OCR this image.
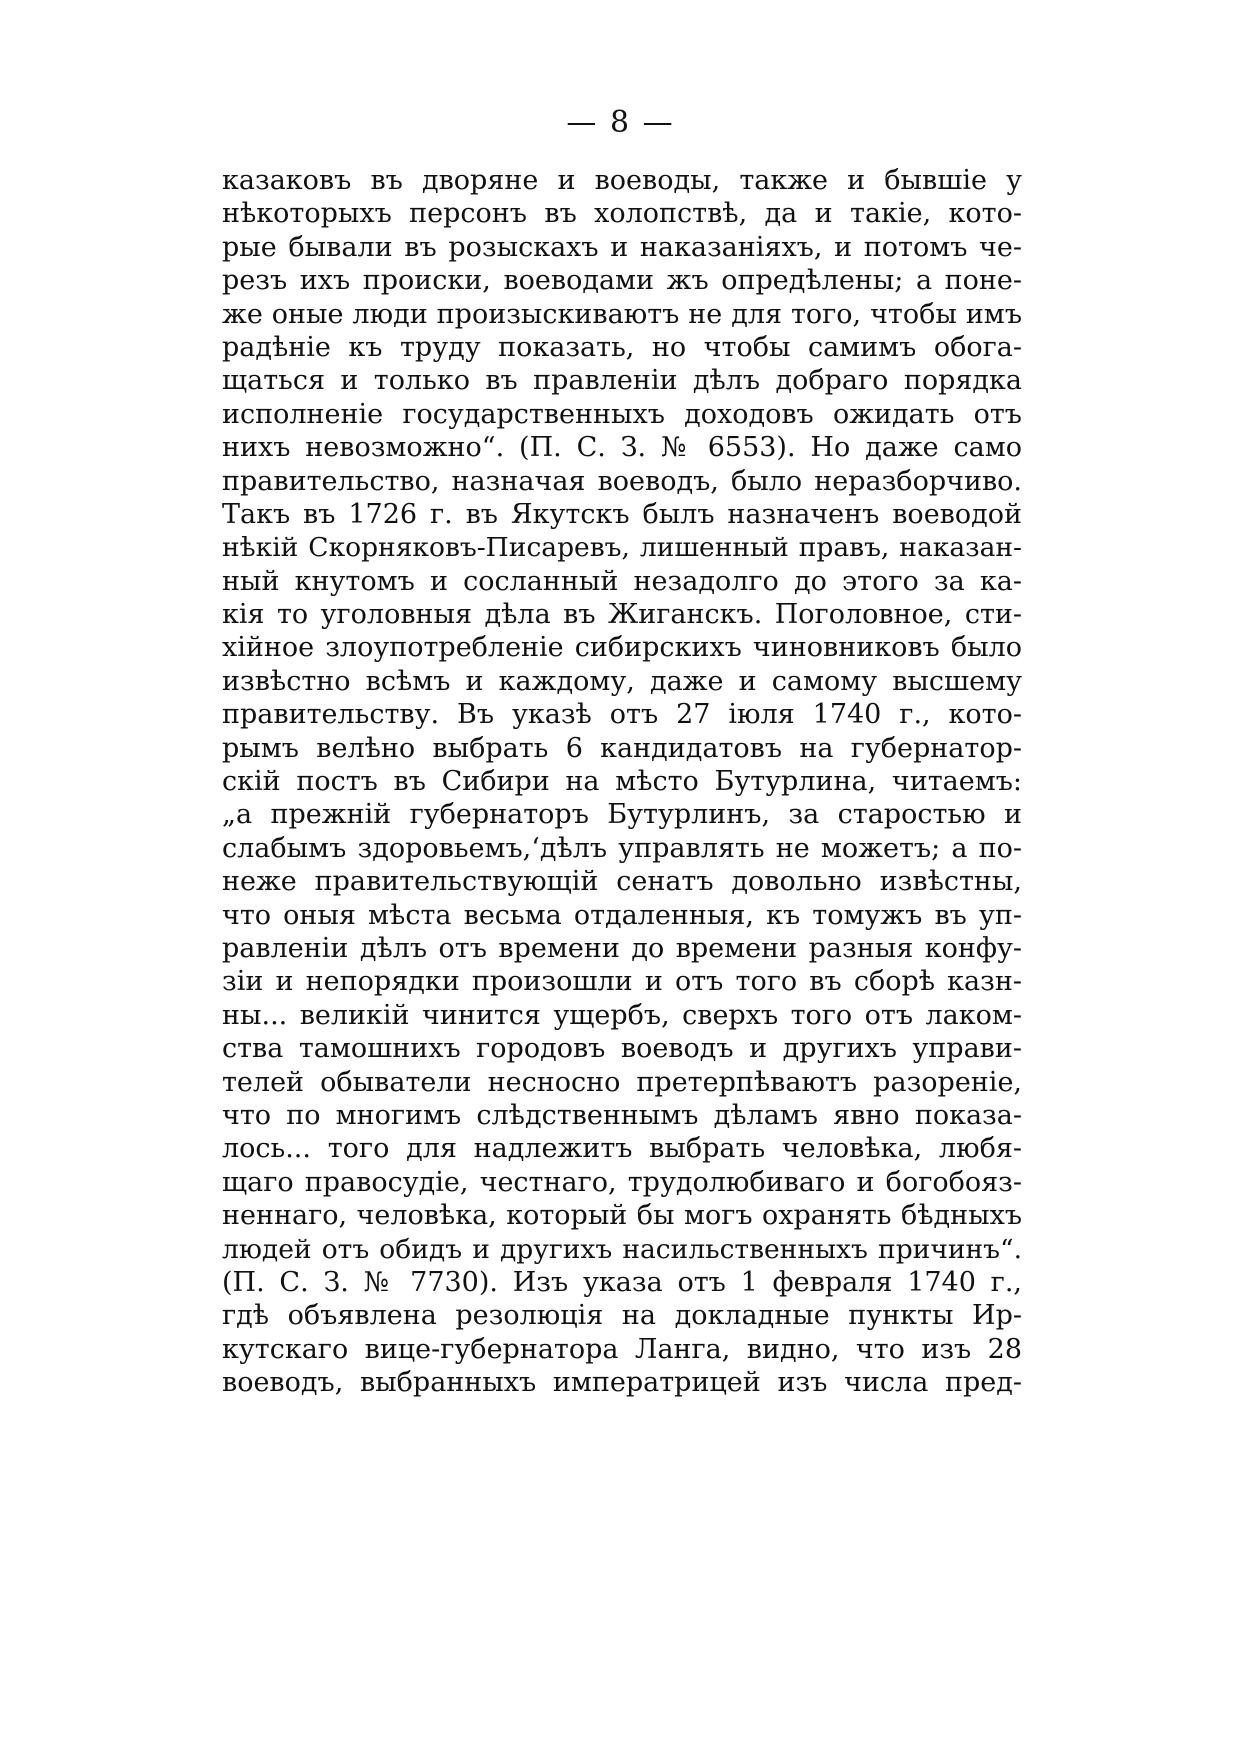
— 8 —
казаковъ въ дворяне и воеводы, также и бывшіе у
нѣкоторыхъ персонъ въ холопствѣ, да и такіе, кото-
рые бывали въ розыскахъ и наказаніяхъ, и потомъ че-
резъ ихъ происки, воеводами жъ опредѣлены; а поне-
же оные люди произыскиваютъ не для того, чтобы имъ
радѣніе къ труду показать, но чтобы самимъ обога-
щаться и только въ правленіи дѣлъ добраго порядка
исполненіе государственныхъ доходовъ ожидать отъ
нихъ невозможно“. (П. С. З. № 6553). Но даже само
правительство, назначая воеводъ, было неразборчиво.
Такъ въ 1726 г. въ Якутскъ былъ назначенъ воеводой
нѣкій Скорняковъ-Писаревъ, лишенный правъ, наказан-
ный кнутомъ и сосланный незадолго до этого за ка-
кія то уголовныя дѣла въ Жиганскъ. Поголовное, сти-
хійное злоупотребленіе сибирскихъ чиновниковъ было
извѣстно всѣмъ и каждому, даже и самому высшему
правительству. Въ указѣ отъ 27 іюля 1740 г., кото-
рымъ велѣно выбрать 6 кандидатовъ на губернатор-
скій постъ въ Сибири на мѣсто Бутурлина, читаемъ:
„а прежній губернаторъ Бутурлинъ, за старостью и
слабымъ здоровьемъ,‘дѣлъ управлять не можетъ; а по-
неже правительствующій сенатъ довольно извѣстны,
что оныя мѣста весьма отдаленныя, къ томужъ въ уп-
равленіи дѣлъ отъ времени до времени разныя конфу-
зіи и непорядки произошли и отъ того въ сборѣ казн-
ны... великій чинится ущербъ, сверхъ того отъ лаком-
ства тамошнихъ городовъ воеводъ и другихъ управи-
телей обыватели несносно претерпѣваютъ разореніе,
что по многимъ слѣдственнымъ дѣламъ явно показа-
лось... того для надлежитъ выбрать человѣка, любя-
щаго правосудіе, честнаго, трудолюбиваго и богобояз-
неннаго, человѣка, который бы могъ охранять бѣдныхъ
людей отъ обидъ и другихъ насильственныхъ причинъ“.
(П. С. З. № 7730). Изъ указа отъ 1 февраля 1740 г.,
гдѣ объявлена резолюція на докладные пункты Ир-
кутскаго вице-губернатора Ланга, видно, что изъ 28
воеводъ, выбранныхъ императрицей изъ числа пред-
